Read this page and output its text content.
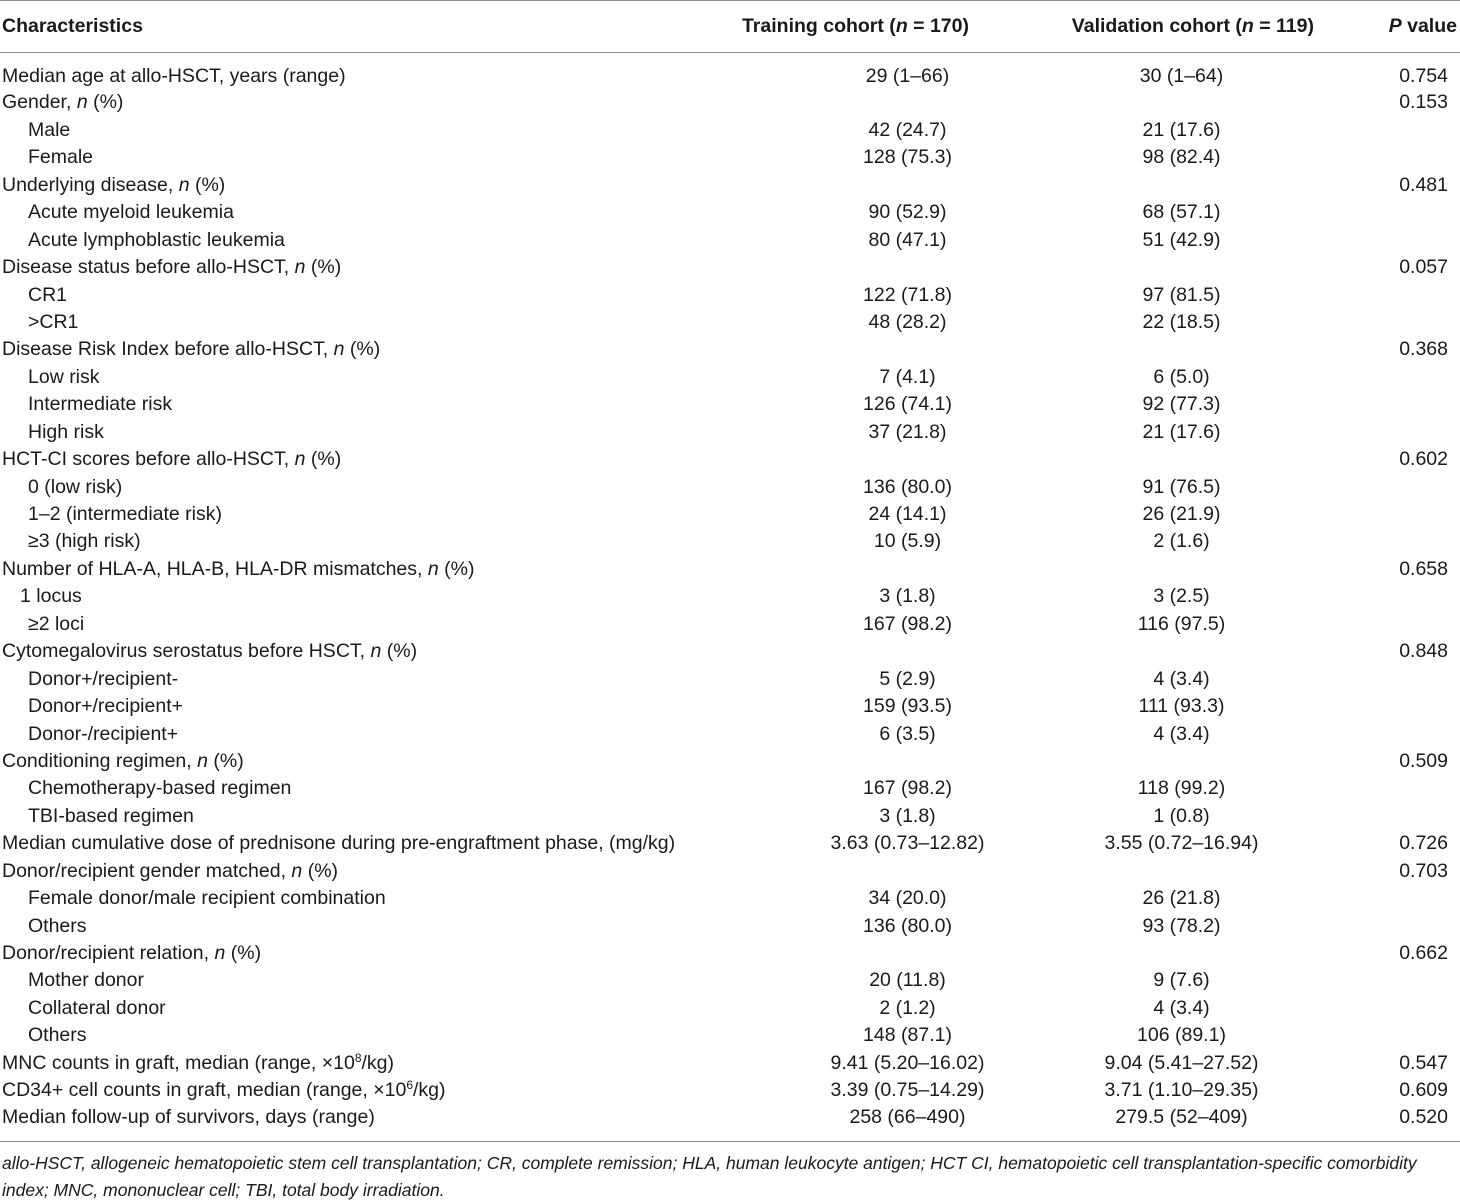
Characteristics	Training cohort (n = 170)	Validation cohort (n = 119)	P value
Median age at allo-HSCT, years (range)	29 (1–66)	30 (1–64)	0.754
Gender, n (%)			0.153
Male	42 (24.7)	21 (17.6)	
Female	128 (75.3)	98 (82.4)	
Underlying disease, n (%)			0.481
Acute myeloid leukemia	90 (52.9)	68 (57.1)	
Acute lymphoblastic leukemia	80 (47.1)	51 (42.9)	
Disease status before allo-HSCT, n (%)			0.057
CR1	122 (71.8)	97 (81.5)	
>CR1	48 (28.2)	22 (18.5)	
Disease Risk Index before allo-HSCT, n (%)			0.368
Low risk	7 (4.1)	6 (5.0)	
Intermediate risk	126 (74.1)	92 (77.3)	
High risk	37 (21.8)	21 (17.6)	
HCT-CI scores before allo-HSCT, n (%)			0.602
0 (low risk)	136 (80.0)	91 (76.5)	
1–2 (intermediate risk)	24 (14.1)	26 (21.9)	
≥3 (high risk)	10 (5.9)	2 (1.6)	
Number of HLA-A, HLA-B, HLA-DR mismatches, n (%)			0.658
1 locus	3 (1.8)	3 (2.5)	
≥2 loci	167 (98.2)	116 (97.5)	
Cytomegalovirus serostatus before HSCT, n (%)			0.848
Donor+/recipient-	5 (2.9)	4 (3.4)	
Donor+/recipient+	159 (93.5)	111 (93.3)	
Donor-/recipient+	6 (3.5)	4 (3.4)	
Conditioning regimen, n (%)			0.509
Chemotherapy-based regimen	167 (98.2)	118 (99.2)	
TBI-based regimen	3 (1.8)	1 (0.8)	
Median cumulative dose of prednisone during pre-engraftment phase, (mg/kg)	3.63 (0.73–12.82)	3.55 (0.72–16.94)	0.726
Donor/recipient gender matched, n (%)			0.703
Female donor/male recipient combination	34 (20.0)	26 (21.8)	
Others	136 (80.0)	93 (78.2)	
Donor/recipient relation, n (%)			0.662
Mother donor	20 (11.8)	9 (7.6)	
Collateral donor	2 (1.2)	4 (3.4)	
Others	148 (87.1)	106 (89.1)	
MNC counts in graft, median (range, $\times 10^8/kg$)	9.41 (5.20–16.02)	9.04 (5.41–27.52)	0.547
CD34+ cell counts in graft, median (range, $\times 10^6/kg$)	3.39 (0.75–14.29)	3.71 (1.10–29.35)	0.609
Median follow-up of survivors, days (range)	258 (66–490)	279.5 (52–409)	0.520
allo-HSCT, allogeneic hematopoietic stem cell transplantation; CR, complete remission; HLA, human leukocyte antigen; HCT CI, hematopoietic cell transplantation-specific comorbidity index; MNC, mononuclear cell; TBI, total body irradiation.
